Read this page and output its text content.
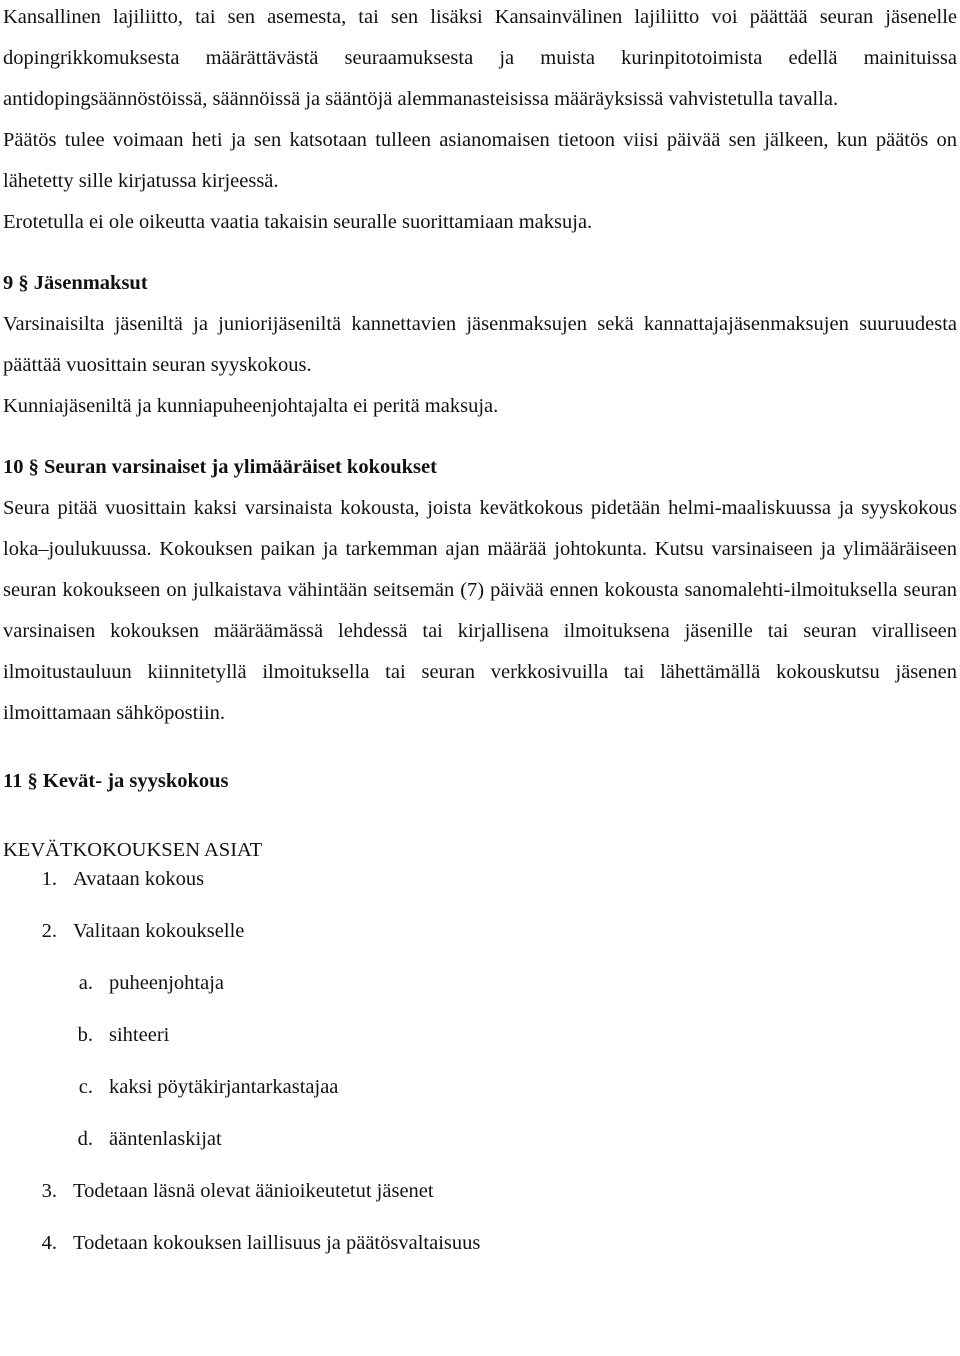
Kansallinen lajiliitto, tai sen asemesta, tai sen lisäksi Kansainvälinen lajiliitto voi päättää seuran jäsenelle dopingrikkomuksesta määrättävästä seuraamuksesta ja muista kurinpitotoimista edellä mainituissa antidopingsäännöstöissä, säännöissä ja sääntöjä alemmanasteisissa määräyksissä vahvistetulla tavalla.

Päätös tulee voimaan heti ja sen katsotaan tulleen asianomaisen tietoon viisi päivää sen jälkeen, kun päätös on lähetetty sille kirjatussa kirjeessä.

Erotetulla ei ole oikeutta vaatia takaisin seuralle suorittamiaan maksuja.

9 § Jäsenmaksut

Varsinaisilta jäseniltä ja juniorijäseniltä kannettavien jäsenmaksujen sekä kannattajajäsenmaksujen suuruudesta päättää vuosittain seuran syyskokous.

Kunniajäseniltä ja kunniapuheenjohtajalta ei peritä maksuja.

10 § Seuran varsinaiset ja ylimääräiset kokoukset

Seura pitää vuosittain kaksi varsinaista kokousta, joista kevätkokous pidetään helmi-maaliskuussa ja syyskokous loka–joulukuussa. Kokouksen paikan ja tarkemman ajan määrää johtokunta. Kutsu varsinaiseen ja ylimääräiseen seuran kokoukseen on julkaistava vähintään seitsemän (7) päivää ennen kokousta sanomalehti-ilmoituksella seuran varsinaisen kokouksen määräämässä lehdessä tai kirjallisena ilmoituksena jäsenille tai seuran viralliseen ilmoitustauluun kiinnitetyllä ilmoituksella tai seuran verkkosivuilla tai lähettämällä kokouskutsu jäsenen ilmoittamaan sähköpostiin.

11 § Kevät- ja syyskokous

KEVÄTKOKOUKSEN ASIAT

1. Avataan kokous
2. Valitaan kokoukselle
a. puheenjohtaja
b. sihteeri
c. kaksi pöytäkirjantarkastajaa
d. ääntenlaskijat
3. Todetaan läsnä olevat äänioikeutetut jäsenet
4. Todetaan kokouksen laillisuus ja päätösvaltaisuus
